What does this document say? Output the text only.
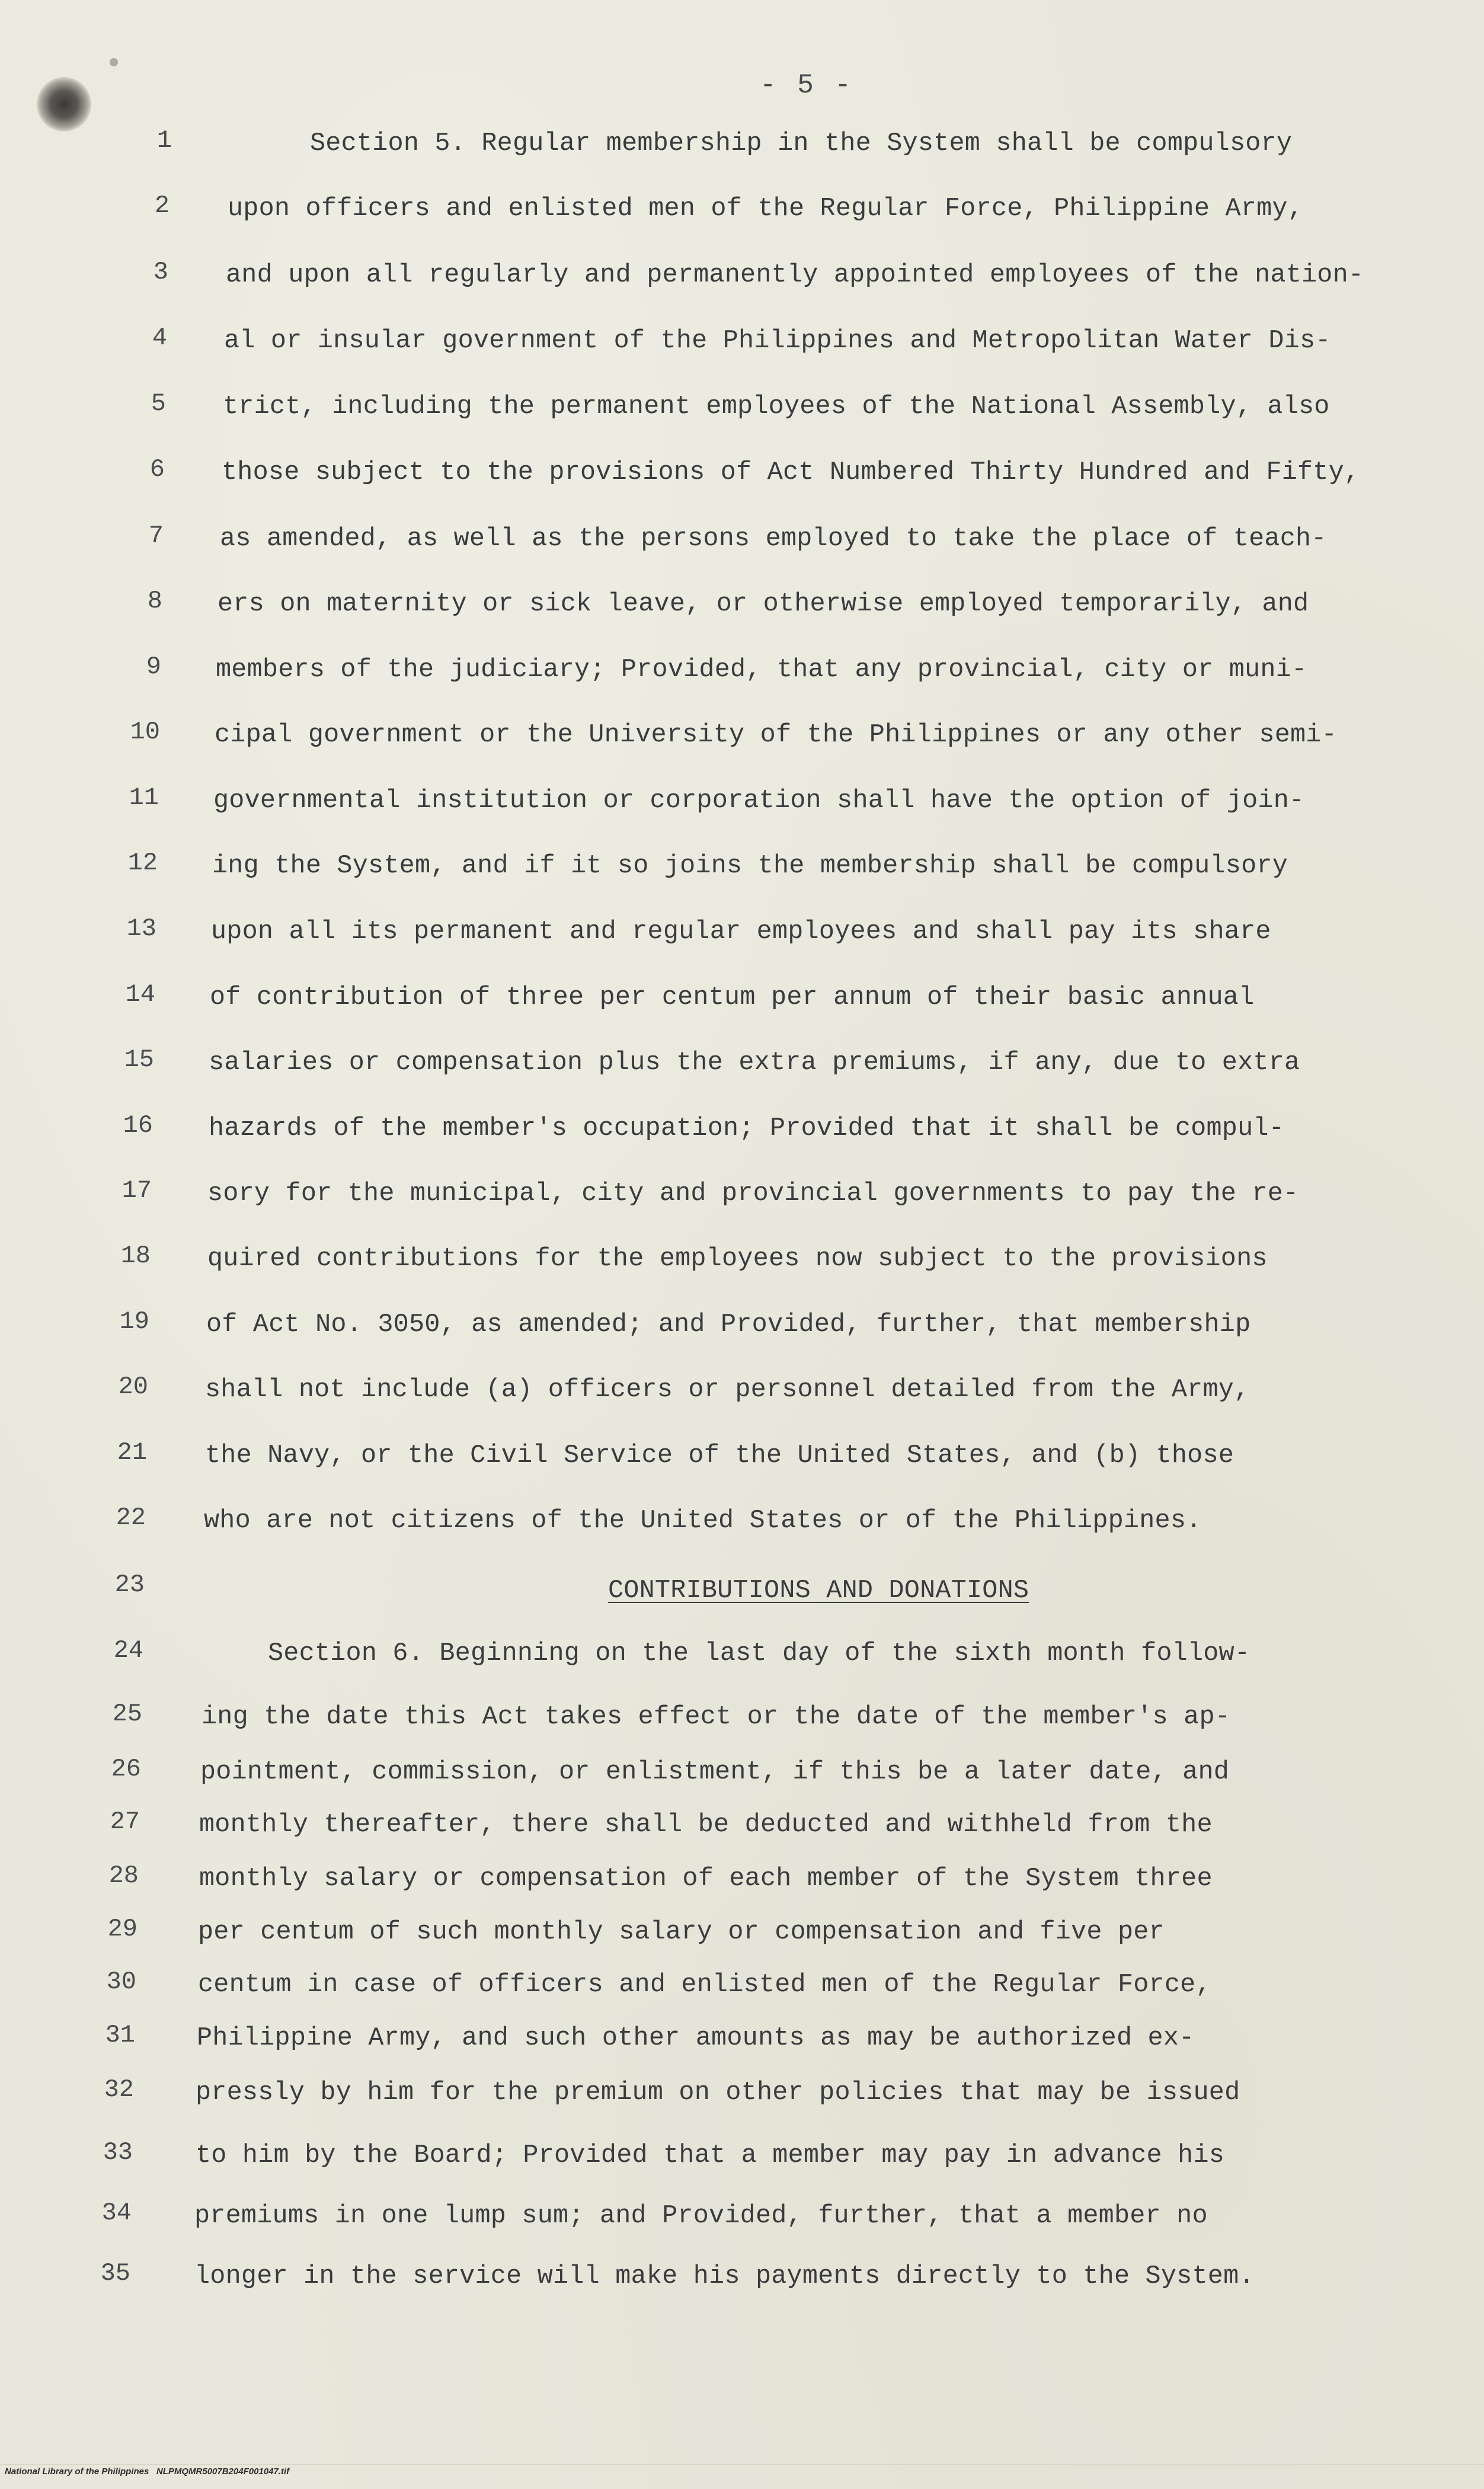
- 5 -
1	Section 5. Regular membership in the System shall be compulsory
2 upon officers and enlisted men of the Regular Force, Philippine Army,
3 and upon all regularly and permanently appointed employees of the nation-
4 al or insular government of the Philippines and Metropolitan Water Dis-
5 trict, including the permanent employees of the National Assembly, also
6 those subject to the provisions of Act Numbered Thirty Hundred and Fifty,
7 as amended, as well as the persons employed to take the place of teach-
8 ers on maternity or sick leave, or otherwise employed temporarily, and
9 members of the judiciary; Provided, that any provincial, city or muni-
10 cipal government or the University of the Philippines or any other semi-
11 governmental institution or corporation shall have the option of join-
12 ing the System, and if it so joins the membership shall be compulsory
13 upon all its permanent and regular employees and shall pay its share
14 of contribution of three per centum per annum of their basic annual
15 salaries or compensation plus the extra premiums, if any, due to extra
16 hazards of the member's occupation; Provided that it shall be compul-
17 sory for the municipal, city and provincial governments to pay the re-
18 quired contributions for the employees now subject to the provisions
19 of Act No. 3050, as amended; and Provided, further, that membership
20 shall not include (a) officers or personnel detailed from the Army,
21 the Navy, or the Civil Service of the United States, and (b) those
22 who are not citizens of the United States or of the Philippines.
23	CONTRIBUTIONS AND DONATIONS
24	Section 6. Beginning on the last day of the sixth month follow-
25 ing the date this Act takes effect or the date of the member's ap-
26 pointment, commission, or enlistment, if this be a later date, and
27 monthly thereafter, there shall be deducted and withheld from the
28 monthly salary or compensation of each member of the System three
29 per centum of such monthly salary or compensation and five per
30 centum in case of officers and enlisted men of the Regular Force,
31 Philippine Army, and such other amounts as may be authorized ex-
32 pressly by him for the premium on other policies that may be issued
33 to him by the Board; Provided that a member may pay in advance his
34 premiums in one lump sum; and Provided, further, that a member no
35 longer in the service will make his payments directly to the System.
National Library of the Philippines   NLPMQMR5007B204F001047.tif
